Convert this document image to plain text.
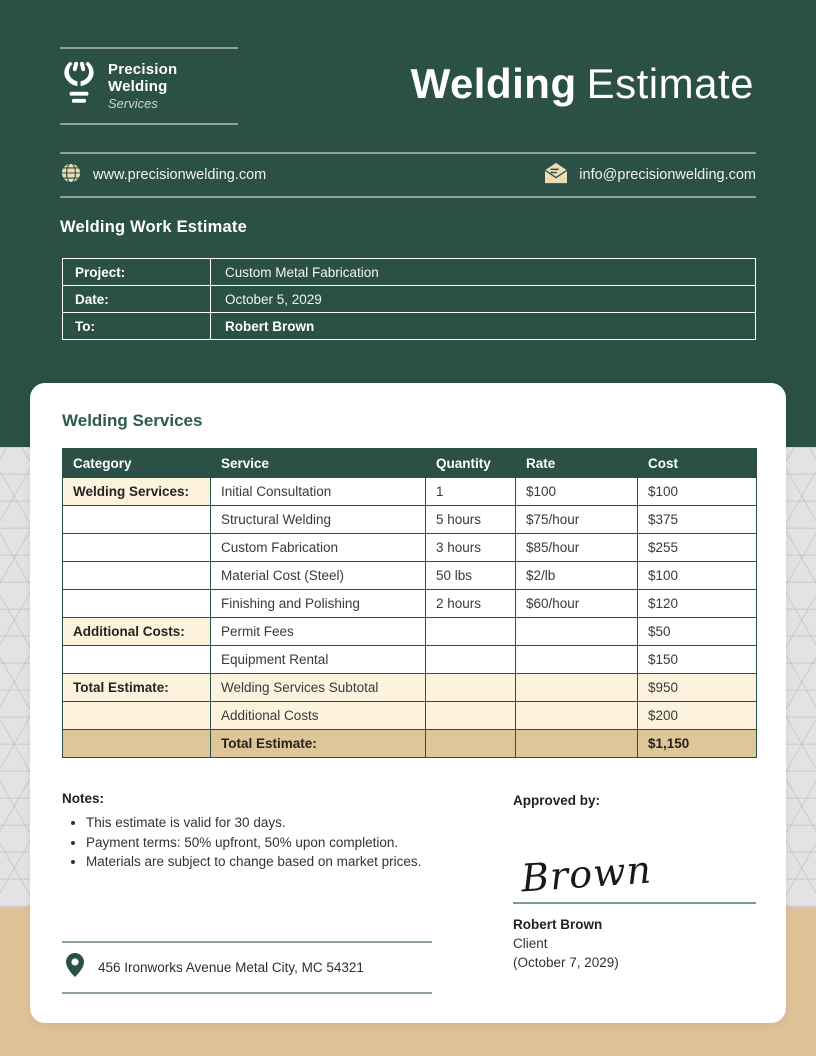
Precision Welding
Services	Welding Estimate
www.precisionwelding.com	info@precisionwelding.com
Welding Work Estimate
Project:	Custom Metal Fabrication
Date:	October 5, 2029
To:	Robert Brown
Welding Services
Category	Service	Quantity	Rate	Cost
Welding Services:	Initial Consultation	1	$100	$100
	Structural Welding	5 hours	$75/hour	$375
	Custom Fabrication	3 hours	$85/hour	$255
	Material Cost (Steel)	50 lbs	$2/lb	$100
	Finishing and Polishing	2 hours	$60/hour	$120
Additional Costs:	Permit Fees			$50
	Equipment Rental			$150
Total Estimate:	Welding Services Subtotal			$950
	Additional Costs			$200
	Total Estimate:			$1,150
Notes:
• This estimate is valid for 30 days.
• Payment terms: 50% upfront, 50% upon completion.
• Materials are subject to change based on market prices.
Approved by:
Brown
Robert Brown
Client
(October 7, 2029)
456 Ironworks Avenue Metal City, MC 54321
